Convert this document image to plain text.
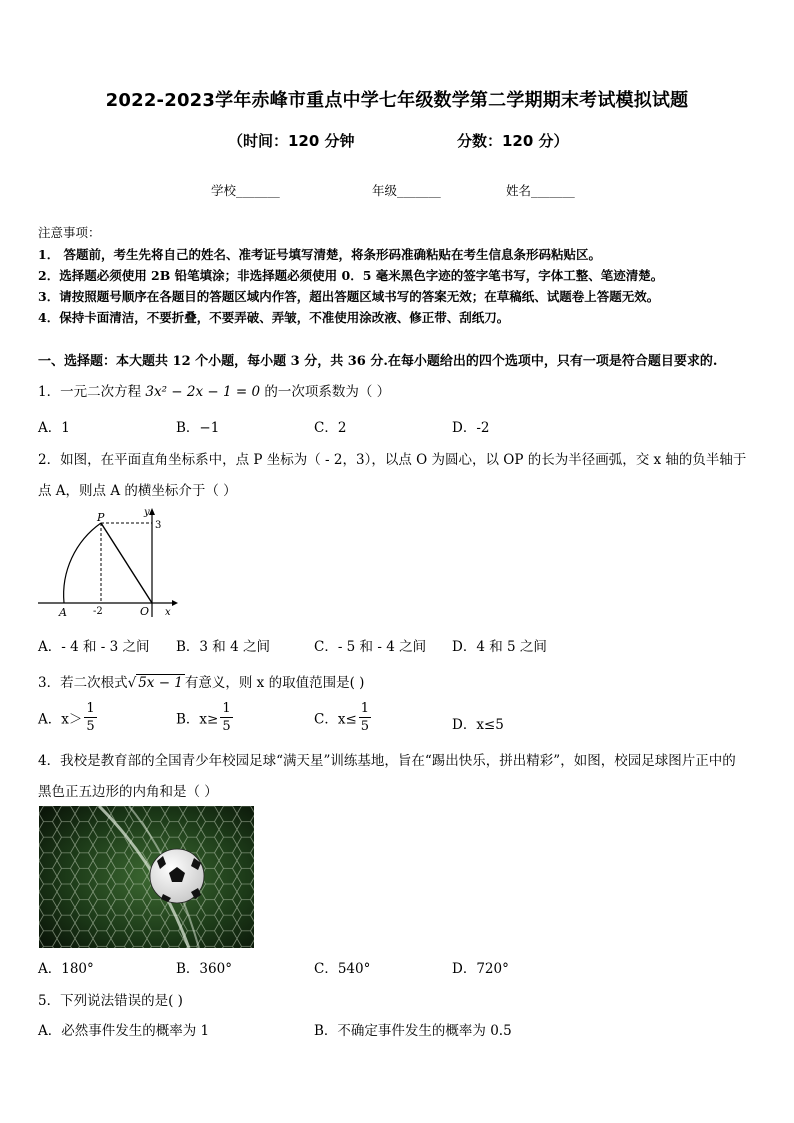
2022-2023学年赤峰市重点中学七年级数学第二学期期末考试模拟试题
（时间：120 分钟	分数：120 分）
学校_______	年级_______	姓名_______
注意事项：
1． 答题前，考生先将自己的姓名、准考证号填写清楚，将条形码准确粘贴在考生信息条形码粘贴区。
2．选择题必须使用 2B 铅笔填涂；非选择题必须使用 0．5 毫米黑色字迹的签字笔书写，字体工整、笔迹清楚。
3．请按照题号顺序在各题目的答题区域内作答，超出答题区域书写的答案无效；在草稿纸、试题卷上答题无效。
4．保持卡面清洁，不要折叠，不要弄破、弄皱，不准使用涂改液、修正带、刮纸刀。
一、选择题：本大题共 12 个小题，每小题 3 分，共 36 分.在每小题给出的四个选项中，只有一项是符合题目要求的.
1．一元二次方程 3x² − 2x − 1 = 0 的一次项系数为（ ）
A．1	B．−1	C．2	D．-2
2．如图，在平面直角坐标系中，点 P 坐标为（ - 2，3），以点 O 为圆心，以 OP 的长为半径画弧，交 x 轴的负半轴于
点 A，则点 A 的横坐标介于（ ）
P	y
3
A	-2	O x
A．- 4 和 - 3 之间 B．3 和 4 之间	C．- 5 和 - 4 之间 D．4 和 5 之间
3．若二次根式√ 5x − 1 有意义，则 x 的取值范围是( )
A．$x> \frac{1}{5}$	B．$x\ge \frac{1}{5}$	C．$x\le \frac{1}{5}$	D．x≤5
4．我校是教育部的全国青少年校园足球“满天星”训练基地，旨在“踢出快乐，拼出精彩”，如图，校园足球图片正中的
黑色正五边形的内角和是（ ）
A．180°	B．360°	C．540°	D．720°
5．下列说法错误的是( )
A．必然事件发生的概率为 1	B．不确定事件发生的概率为 0.5
